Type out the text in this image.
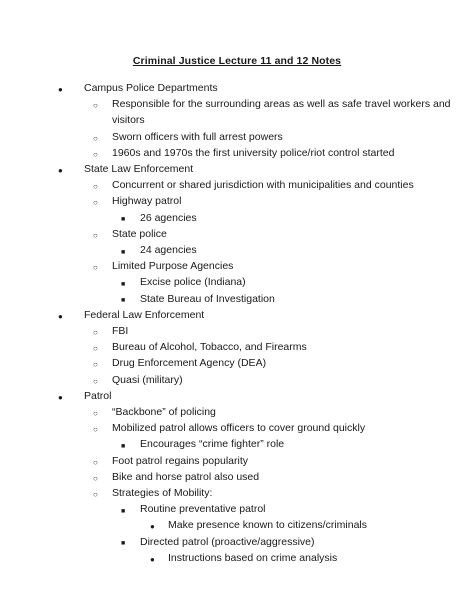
Criminal Justice Lecture 11 and 12 Notes
● Campus Police Departments
○ Responsible for the surrounding areas as well as safe travel workers and
visitors
○ Sworn officers with full arrest powers
○ 1960s and 1970s the first university police/riot control started
● State Law Enforcement
○ Concurrent or shared jurisdiction with municipalities and counties
○ Highway patrol
■ 26 agencies
○ State police
■ 24 agencies
○ Limited Purpose Agencies
■ Excise police (Indiana)
■ State Bureau of Investigation
● Federal Law Enforcement
○ FBI
○ Bureau of Alcohol, Tobacco, and Firearms
○ Drug Enforcement Agency (DEA)
○ Quasi (military)
● Patrol
○ “Backbone” of policing
○ Mobilized patrol allows officers to cover ground quickly
■ Encourages “crime fighter” role
○ Foot patrol regains popularity
○ Bike and horse patrol also used
○ Strategies of Mobility:
■ Routine preventative patrol
● Make presence known to citizens/criminals
■ Directed patrol (proactive/aggressive)
● Instructions based on crime analysis
